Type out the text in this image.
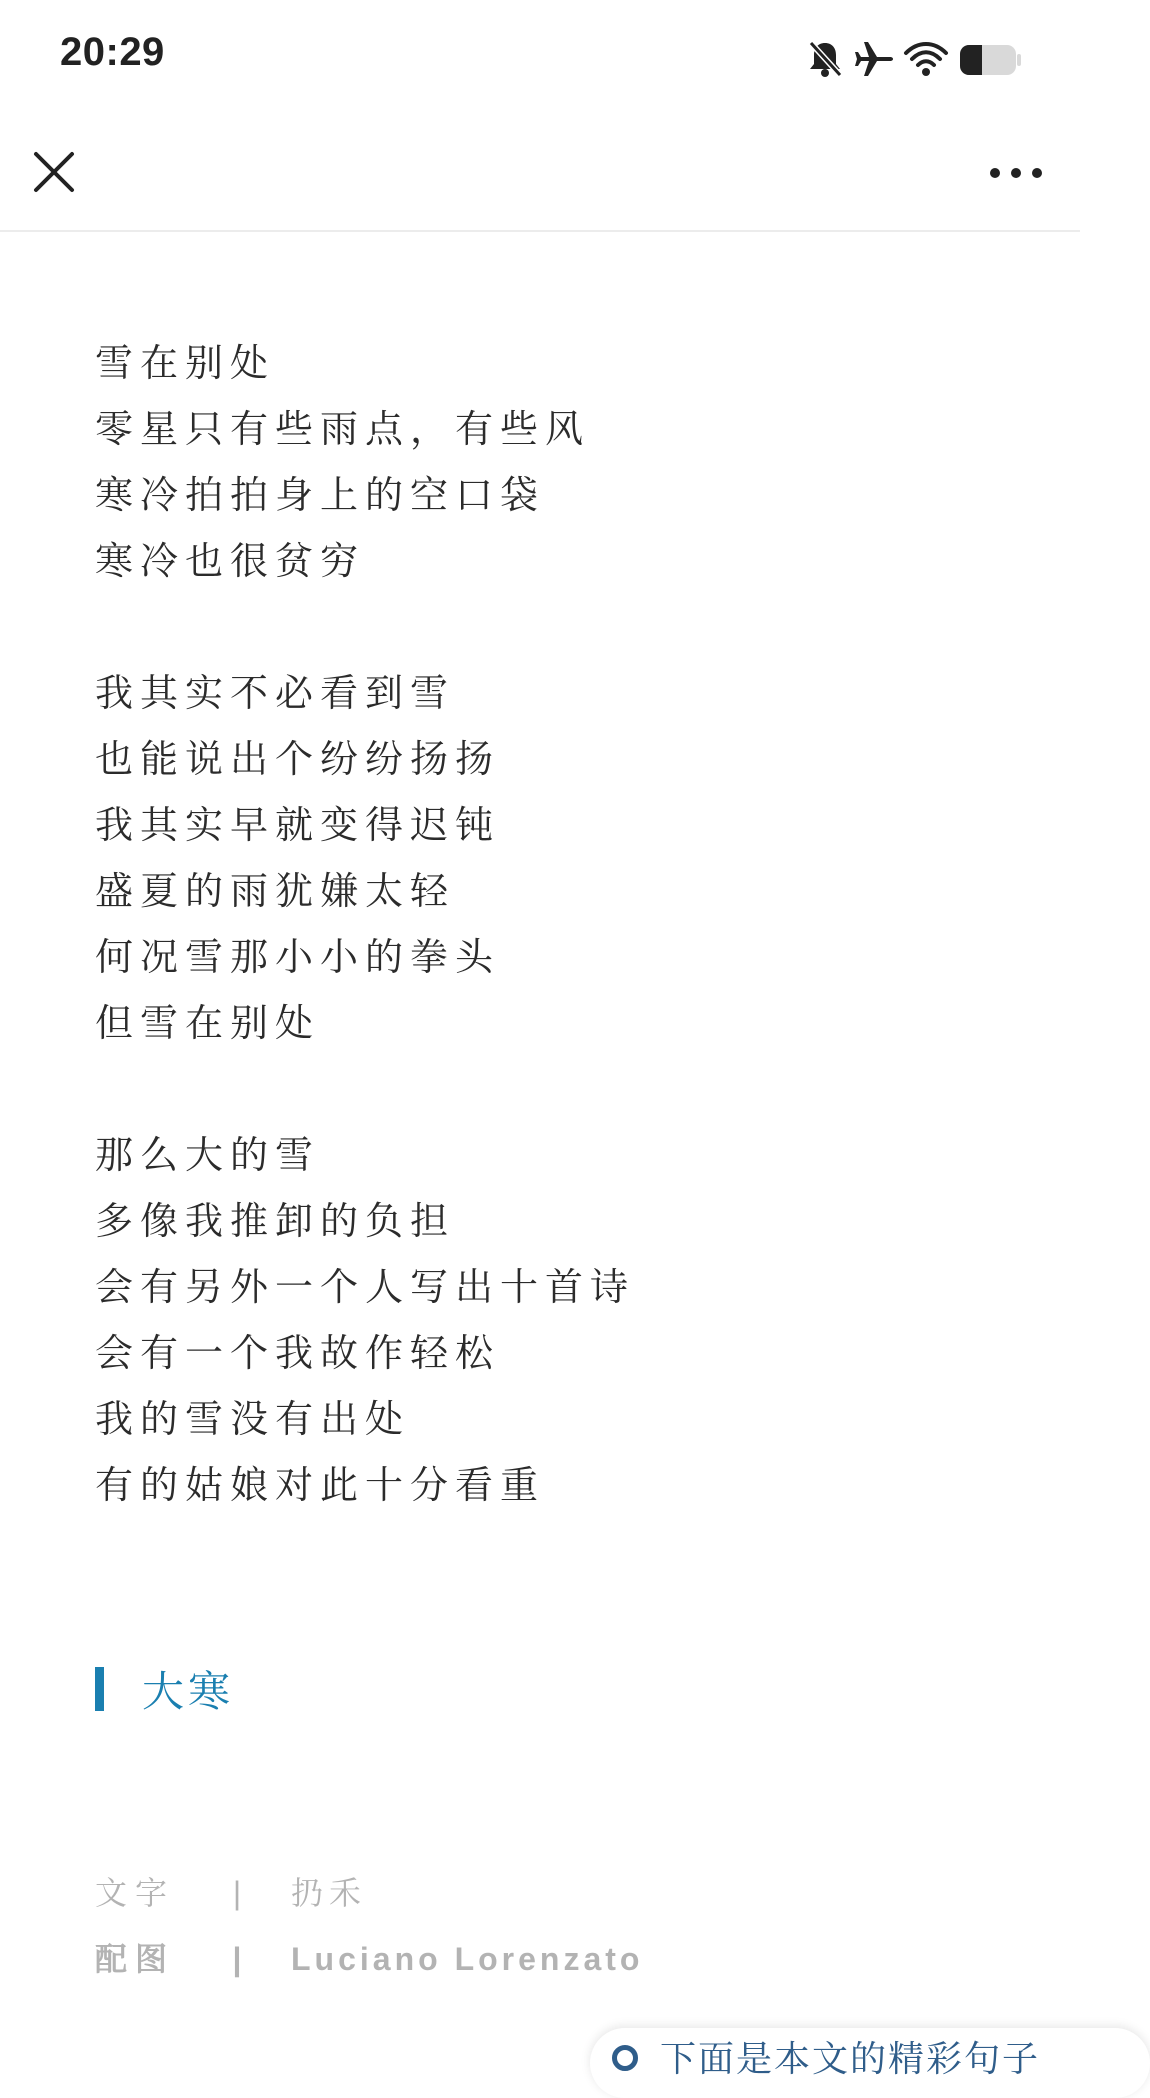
20:29
雪在别处
零星只有些雨点，有些风
寒冷拍拍身上的空口袋
寒冷也很贫穷
我其实不必看到雪
也能说出个纷纷扬扬
我其实早就变得迟钝
盛夏的雨犹嫌太轻
何况雪那小小的拳头
但雪在别处
那么大的雪
多像我推卸的负担
会有另外一个人写出十首诗
会有一个我故作轻松
我的雪没有出处
有的姑娘对此十分看重
大寒
文字	|	扔禾
配图	|	Luciano Lorenzato
下面是本文的精彩句子
